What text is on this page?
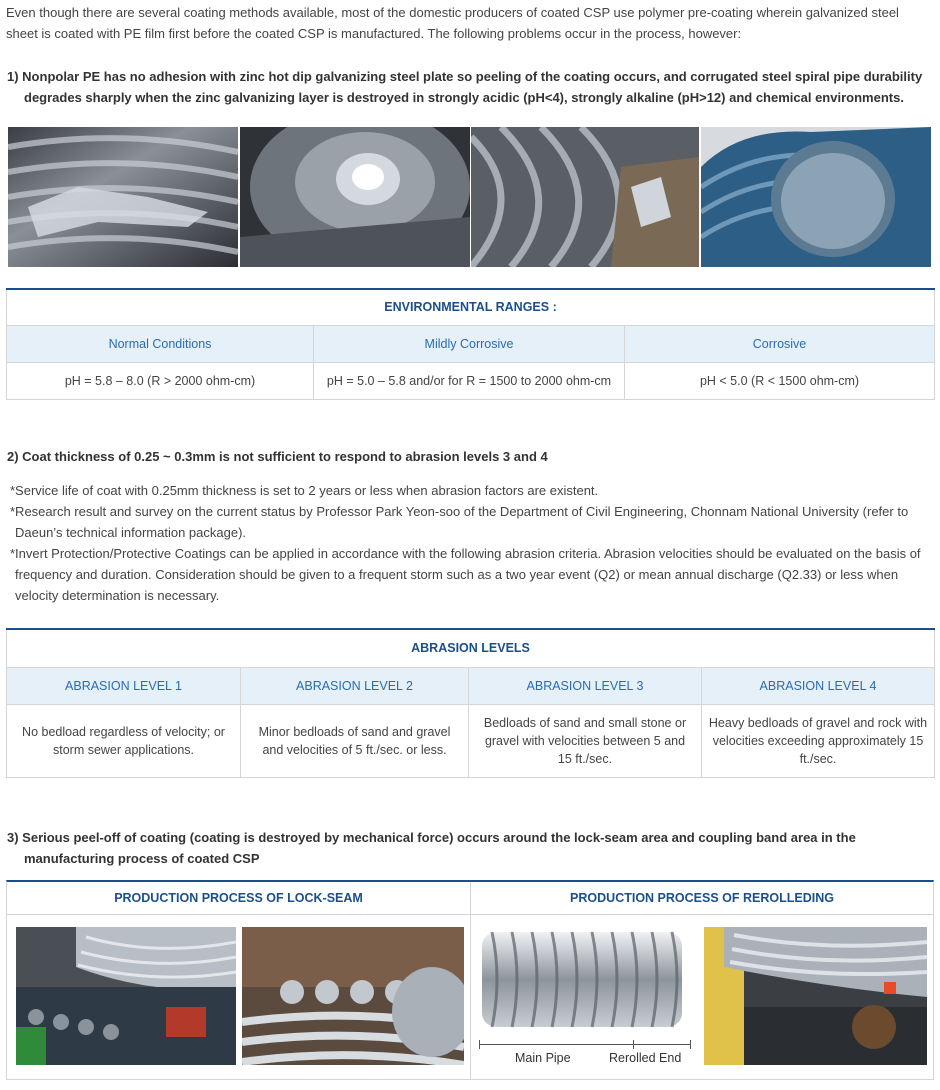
Even though there are several coating methods available, most of the domestic producers of coated CSP use polymer pre-coating wherein galvanized steel sheet is coated with PE film first before the coated CSP is manufactured. The following problems occur in the process, however:
1) Nonpolar PE has no adhesion with zinc hot dip galvanizing steel plate so peeling of the coating occurs, and corrugated steel spiral pipe durability
degrades sharply when the zinc galvanizing layer is destroyed in strongly acidic (pH<4), strongly alkaline (pH>12) and chemical environments.
ENVIRONMENTAL RANGES :		
Normal Conditions	Mildly Corrosive	Corrosive
pH = 5.8 – 8.0 (R > 2000 ohm-cm)	pH = 5.0 – 5.8 and/or for R = 1500 to 2000 ohm-cm	pH < 5.0 (R < 1500 ohm-cm)
2) Coat thickness of 0.25 ~ 0.3mm is not sufficient to respond to abrasion levels 3 and 4

*Service life of coat with 0.25mm thickness is set to 2 years or less when abrasion factors are existent.

*Research result and survey on the current status by Professor Park Yeon-soo of the Department of Civil Engineering, Chonnam National University (refer to Daeun’s technical information package).

*Invert Protection/Protective Coatings can be applied in accordance with the following abrasion criteria. Abrasion velocities should be evaluated on the basis of frequency and duration. Consideration should be given to a frequent storm such as a two year event (Q2) or mean annual discharge (Q2.33) or less when velocity determination is necessary.

ABRASION LEVELS			
ABRASION LEVEL 1	ABRASION LEVEL 2	ABRASION LEVEL 3	ABRASION LEVEL 4
No bedload regardless of velocity; or storm sewer applications.	Minor bedloads of sand and gravel and velocities of 5 ft./sec. or less.	Bedloads of sand and small stone or gravel with velocities between 5 and 15 ft./sec.	Heavy bedloads of gravel and rock with velocities exceeding approximately 15 ft./sec.
3) Serious peel-off of coating (coating is destroyed by mechanical force) occurs around the lock-seam area and coupling band area in the
manufacturing process of coated CSP
PRODUCTION PROCESS OF LOCK-SEAM	PRODUCTION PROCESS OF REROLLEDING
Main Pipe	Rerolled End
